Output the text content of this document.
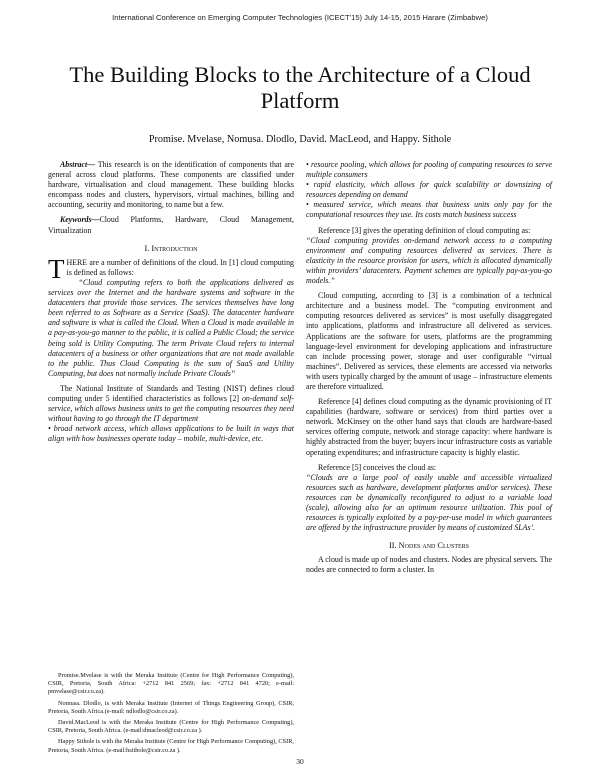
International Conference on Emerging Computer Technologies (ICECT'15) July 14-15, 2015 Harare (Zimbabwe)
The Building Blocks to the Architecture of a Cloud Platform
Promise. Mvelase, Nomusa. Dlodlo, David. MacLeod, and Happy. Sithole

Abstract— This research is on the identification of components that are general across cloud platforms. These components are classified under hardware, virtualisation and cloud management. These building blocks encompass nodes and clusters, hypervisors, virtual machines, billing and accounting, security and monitoring, to name but a few.

Keywords—Cloud Platforms, Hardware, Cloud Management, Virtualization

I. Introduction

THERE are a number of definitions of the cloud. In [1] cloud computing is defined as follows:

“Cloud computing refers to both the applications delivered as services over the Internet and the hardware systems and software in the datacenters that provide those services. The services themselves have long been referred to as Software as a Service (SaaS). The datacenter hardware and software is what is called the Cloud. When a Cloud is made available in a pay-as-you-go manner to the public, it is called a Public Cloud; the service being sold is Utility Computing. The term Private Cloud refers to internal datacenters of a business or other organizations that are not made available to the public. Thus Cloud Computing is the sum of SaaS and Utility Computing, but does not normally include Private Clouds”

The National Institute of Standards and Testing (NIST) defines cloud computing under 5 identified characteristics as follows [2] on-demand self-service, which allows business units to get the computing resources they need without having to go through the IT department

• broad network access, which allows applications to be built in ways that align with how businesses operate today – mobile, multi-device, etc.

Promise.Mvelase is with the Meraka Institute (Centre for High Performance Computing), CSIR, Pretoria, South Africa: +2712 841 2569; fax: +2712 841 4720; e-mail: pmvelase@csir.co.za).

Nomusa. Dlodlo, is with Meraka Institute (Internet of Things Engineering Group), CSIR, Pretoria, South Africa.(e-mail: ndlodlo@csir.co.za).

David.MacLeod is with the Meraka Institute (Centre for High Performance Computing), CSIR, Pretoria, South Africa. (e-mail:dmacleod@csir.co.za ).

Happy Sithole is with the Meraka Institute (Centre for High Performance Computing), CSIR, Pretoria, South Africa. (e-mail:hsithole@csir.co.za ).

• resource pooling, which allows for pooling of computing resources to serve multiple consumers

• rapid elasticity, which allows for quick scalability or downsizing of resources depending on demand

• measured service, which means that business units only pay for the computational resources they use. Its costs match business success

Reference [3] gives the operating definition of cloud computing as:

“Cloud computing provides on-demand network access to a computing environment and computing resources delivered as services. There is elasticity in the resource provision for users, which is allocated dynamically within providers’ datacenters. Payment schemes are typically pay-as-you-go models.”

Cloud computing, according to [3] is a combination of a technical architecture and a business model. The “computing environment and computing resources delivered as services” is most usefully disaggregated into applications, platforms and infrastructure all delivered as services. Applications are the software for users, platforms are the programming language-level environment for developing applications and infrastructure can include processing power, storage and user configurable “virtual machines”. Delivered as services, these elements are accessed via networks with users typically charged by the amount of usage – infrastructure elements are therefore virtualized.

Reference [4] defines cloud computing as the dynamic provisioning of IT capabilities (hardware, software or services) from third parties over a network. McKinsey on the other hand says that clouds are hardware-based services offering compute, network and storage capacity: where hardware is highly abstracted from the buyer; buyers incur infrastructure costs as variable operating expenditures; and infrastructure capacity is highly elastic.

Reference [5] conceives the cloud as:

“Clouds are a large pool of easily usable and accessible virtualized resources such as hardware, development platforms and/or services). These resources can be dynamically reconfigured to adjust to a variable load (scale), allowing also for an optimum resource utilization. This pool of resources is typically exploited by a pay-per-use model in which guarantees are offered by the infrastructure provider by means of customized SLAs’.

II. Nodes and Clusters

A cloud is made up of nodes and clusters. Nodes are physical servers. The nodes are connected to form a cluster. In

30
